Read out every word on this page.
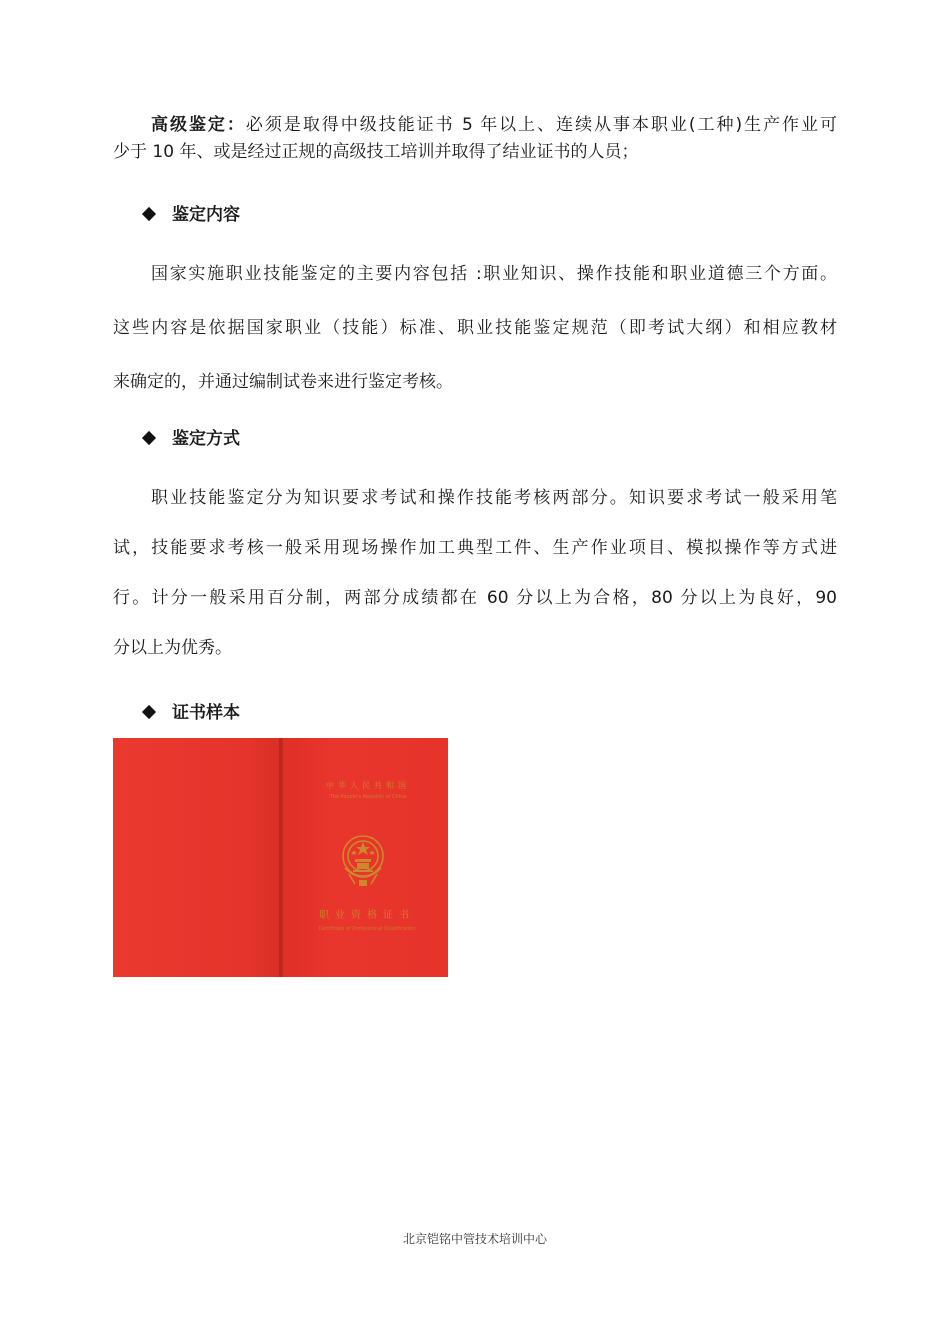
高级鉴定：必须是取得中级技能证书 5 年以上、连续从事本职业(工种)生产作业可
少于 10 年、或是经过正规的高级技工培训并取得了结业证书的人员；
鉴定内容
国家实施职业技能鉴定的主要内容包括 :职业知识、操作技能和职业道德三个方面。
这些内容是依据国家职业（技能）标准、职业技能鉴定规范（即考试大纲）和相应教材
来确定的，并通过编制试卷来进行鉴定考核。
鉴定方式
职业技能鉴定分为知识要求考试和操作技能考核两部分。知识要求考试一般采用笔
试，技能要求考核一般采用现场操作加工典型工件、生产作业项目、模拟操作等方式进
行。计分一般采用百分制，两部分成绩都在 60 分以上为合格，80 分以上为良好，90
分以上为优秀。
证书样本
中华人民共和国
The People's Republic of China
职业资格证书
Certificate of Professional Qualification
北京铠铭中管技术培训中心
